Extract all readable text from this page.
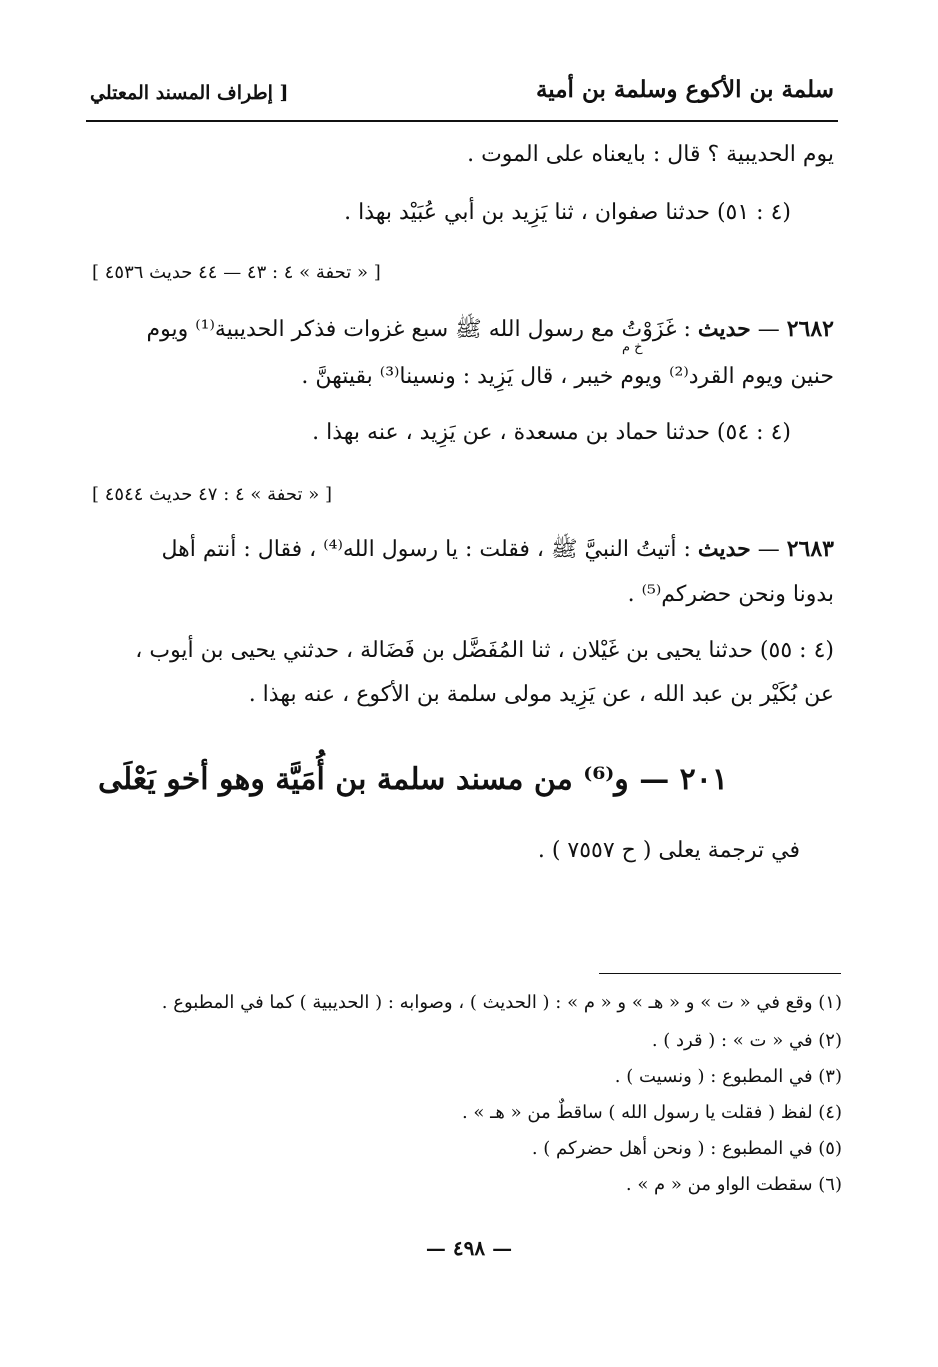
سلمة بن الأكوع وسلمة بن أمية
[ إطراف المسند المعتلي
يوم الحديبية ؟ قال : بايعناه على الموت .
(٤ : ٥١) حدثنا صفوان ، ثنا يَزِيد بن أبي عُبَيْد بهذا .
[ « تحفة » ٤ : ٤٣ — ٤٤ حديث ٤٥٣٦ ]
٢٦٨٢ — حديث : غَزَوْتُ مع رسول الله ﷺ سبع غزوات فذكر الحديبية⁽¹⁾ ويوم
خ م
حنين ويوم القرد⁽²⁾ ويوم خيبر ، قال يَزِيد : ونسينا⁽³⁾ بقيتهنَّ .
(٤ : ٥٤) حدثنا حماد بن مسعدة ، عن يَزِيد ، عنه بهذا .
[ « تحفة » ٤ : ٤٧ حديث ٤٥٤٤ ]
٢٦٨٣ — حديث : أتيتُ النبيَّ ﷺ ، فقلت : يا رسول الله⁽⁴⁾ ، فقال : أنتم أهل
بدونا ونحن حضركم⁽⁵⁾ .
(٤ : ٥٥) حدثنا يحيى بن غَيْلان ، ثنا المُفَضَّل بن فَضَالة ، حدثني يحيى بن أيوب ،
عن بُكَيْر بن عبد الله ، عن يَزِيد مولى سلمة بن الأكوع ، عنه بهذا .
٢٠١ — و⁽⁶⁾ من مسند سلمة بن أُمَيَّة وهو أخو يَعْلَى
في ترجمة يعلى ( ح ٧٥٥٧ ) .
(١) وقع في « ت » و « هـ » و « م » : ( الحديث ) ، وصوابه : ( الحديبية ) كما في المطبوع .
(٢) في « ت » : ( قرد ) .
(٣) في المطبوع : ( ونسيت ) .
(٤) لفظ ( فقلت يا رسول الله ) ساقطٌ من « هـ » .
(٥) في المطبوع : ( ونحن أهل حضركم ) .
(٦) سقطت الواو من « م » .
— ٤٩٨ —
